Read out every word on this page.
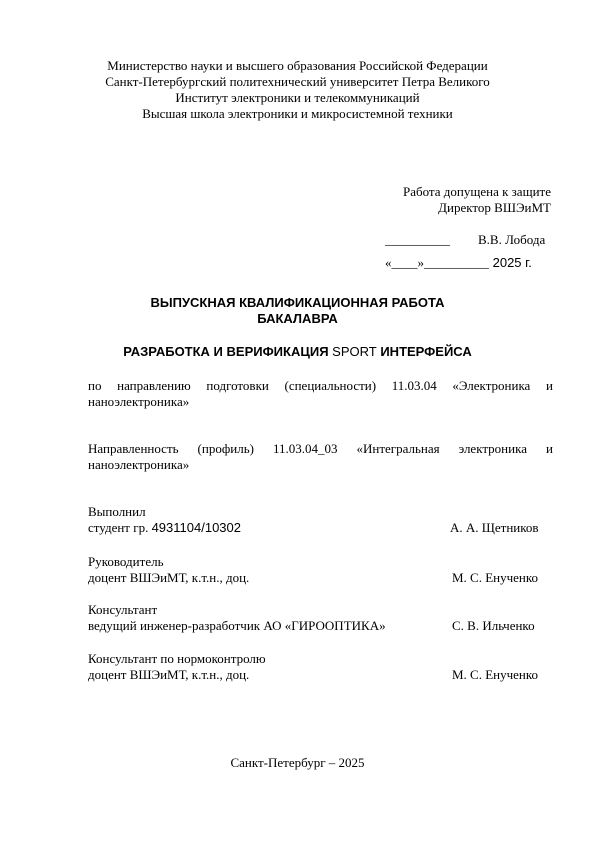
Министерство науки и высшего образования Российской Федерации
Санкт-Петербургский политехнический университет Петра Великого
Институт электроники и телекоммуникаций
Высшая школа электроники и микросистемной техники
Работа допущена к защите
Директор ВШЭиМТ
__________ В.В. Лобода
«____»__________ 2025 г.
ВЫПУСКНАЯ КВАЛИФИКАЦИОННАЯ РАБОТА
БАКАЛАВРА
РАЗРАБОТКА И ВЕРИФИКАЦИЯ SPORT ИНТЕРФЕЙСА
по направлению подготовки (специальности) 11.03.04 «Электроника и
наноэлектроника»
Направленность (профиль) 11.03.04_03 «Интегральная электроника и
наноэлектроника»
Выполнил
студент гр. 4931104/10302	А. А. Щетников
Руководитель
доцент ВШЭиМТ, к.т.н., доц.	М. С. Енученко
Консультант
ведущий инженер-разработчик АО «ГИРООПТИКА»	С. В. Ильченко
Консультант по нормоконтролю
доцент ВШЭиМТ, к.т.н., доц.	М. С. Енученко
Санкт-Петербург – 2025
